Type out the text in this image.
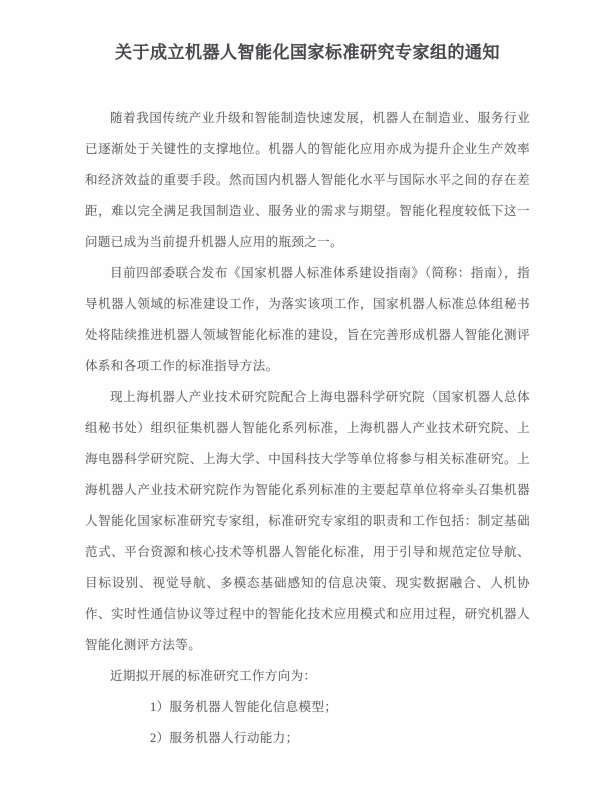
关于成立机器人智能化国家标准研究专家组的通知

随着我国传统产业升级和智能制造快速发展，机器人在制造业、服务行业已逐渐处于关键性的支撑地位。机器人的智能化应用亦成为提升企业生产效率和经济效益的重要手段。然而国内机器人智能化水平与国际水平之间的存在差距，难以完全满足我国制造业、服务业的需求与期望。智能化程度较低下这一问题已成为当前提升机器人应用的瓶颈之一。

目前四部委联合发布《国家机器人标准体系建设指南》（简称：指南），指导机器人领域的标准建设工作，为落实该项工作，国家机器人标准总体组秘书处将陆续推进机器人领域智能化标准的建设，旨在完善形成机器人智能化测评体系和各项工作的标准指导方法。

现上海机器人产业技术研究院配合上海电器科学研究院（国家机器人总体组秘书处）组织征集机器人智能化系列标准，上海机器人产业技术研究院、上海电器科学研究院、上海大学、中国科技大学等单位将参与相关标准研究。上海机器人产业技术研究院作为智能化系列标准的主要起草单位将牵头召集机器人智能化国家标准研究专家组，标准研究专家组的职责和工作包括：制定基础范式、平台资源和核心技术等机器人智能化标准，用于引导和规范定位导航、目标设别、视觉导航、多模态基础感知的信息决策、现实数据融合、人机协作、实时性通信协议等过程中的智能化技术应用模式和应用过程，研究机器人智能化测评方法等。

近期拟开展的标准研究工作方向为：

1）服务机器人智能化信息模型；

2）服务机器人行动能力；
